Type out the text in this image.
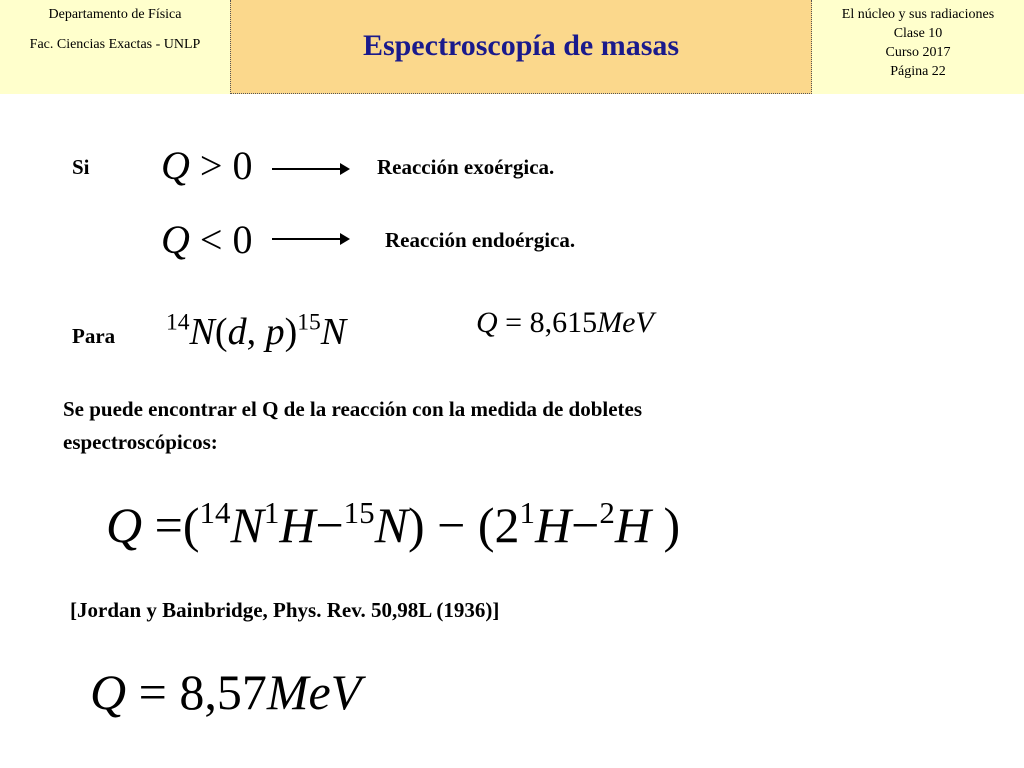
Departamento de Física
Fac. Ciencias Exactas - UNLP	Espectroscopía de masas
El núcleo y sus radiaciones
Clase 10
Curso 2017
Página 22
Si Q > 0	Reacción exoérgica.
Q < 0	Reacción endoérgica.
Para
$^{14}$N(d, p)$^{15}$N	Q = 8,615MeV
Se puede encontrar el Q de la reacción con la medida de dobletes
espectroscópicos:
$Q =(^{14}N^1H-^{15}N) - (2^1H-^2H$ )
[Jordan y Bainbridge, Phys. Rev. 50,98L (1936)]
Q = 8,57MeV
